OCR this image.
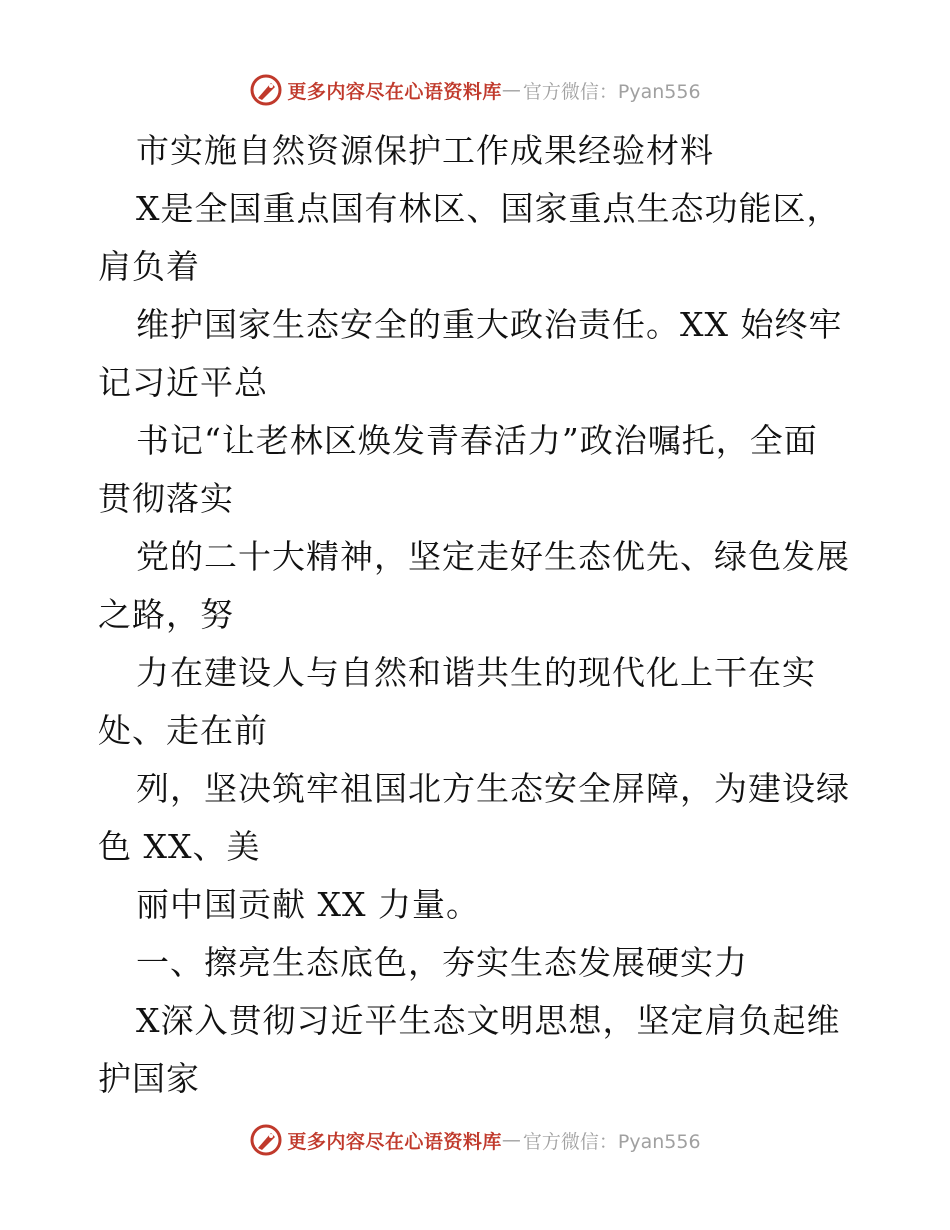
更多内容尽在心语资料库 — 官方微信：Pyan556
市实施自然资源保护工作成果经验材料
X是全国重点国有林区、国家重点生态功能区，
肩负着
维护国家生态安全的重大政治责任。XX 始终牢
记习近平总
书记“让老林区焕发青春活力”政治嘱托，全面
贯彻落实
党的二十大精神，坚定走好生态优先、绿色发展
之路，努
力在建设人与自然和谐共生的现代化上干在实
处、走在前
列，坚决筑牢祖国北方生态安全屏障，为建设绿
色 XX、美
丽中国贡献 XX 力量。
一、擦亮生态底色，夯实生态发展硬实力
X深入贯彻习近平生态文明思想，坚定肩负起维
护国家
更多内容尽在心语资料库 — 官方微信：Pyan556
